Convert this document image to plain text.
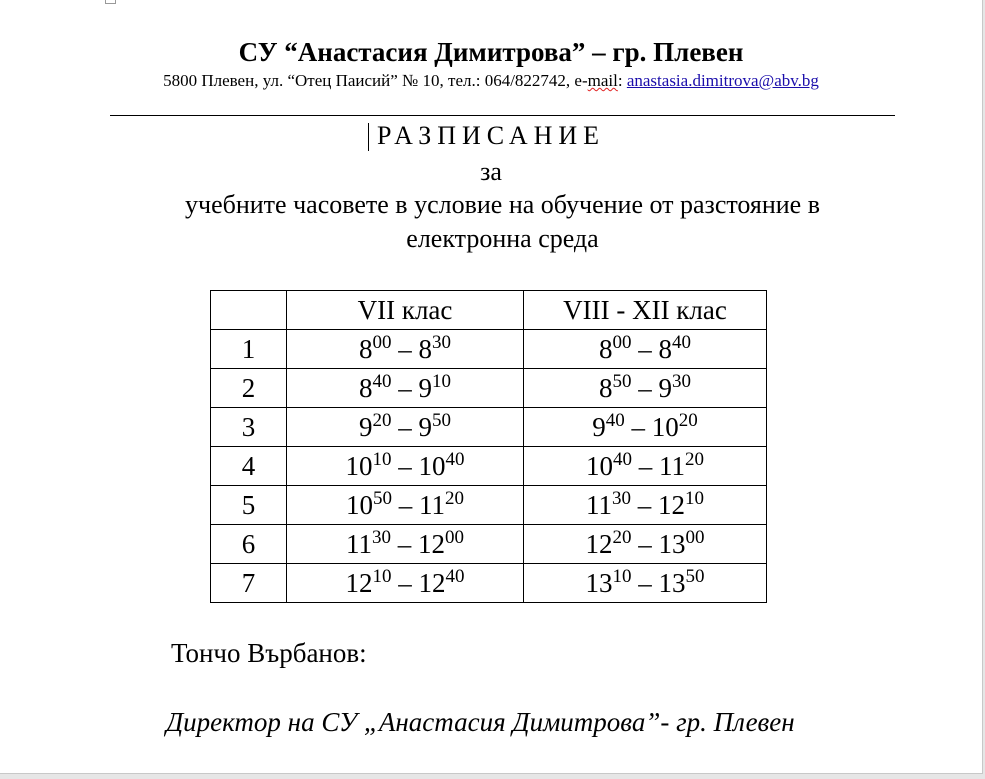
СУ “Анастасия Димитрова” – гр. Плевен
5800 Плевен, ул. “Отец Паисий” № 10, тел.: 064/822742, e-mail: anastasia.dimitrova@abv.bg
РАЗПИСАНИЕ
за
учебните часовете в условие на обучение от разстояние в електронна среда
	VII клас	VIII - XII клас
1	$8^{00} - 8^{30}$	$8^{00} - 8^{40}$
2	$8^{40} - 9^{10}$	$8^{50} - 9^{30}$
3	$9^{20} - 9^{50}$	$9^{40} - 10^{20}$
4	$10^{10} - 10^{40}$	$10^{40} - 11^{20}$
5	$10^{50} - 11^{20}$	$11^{30} - 12^{10}$
6	$11^{30} - 12^{00}$	$12^{20} - 13^{00}$
7	$12^{10} - 12^{40}$	$13^{10} - 13^{50}$
Тончо Върбанов:
Директор на СУ „Анастасия Димитрова”- гр. Плевен
